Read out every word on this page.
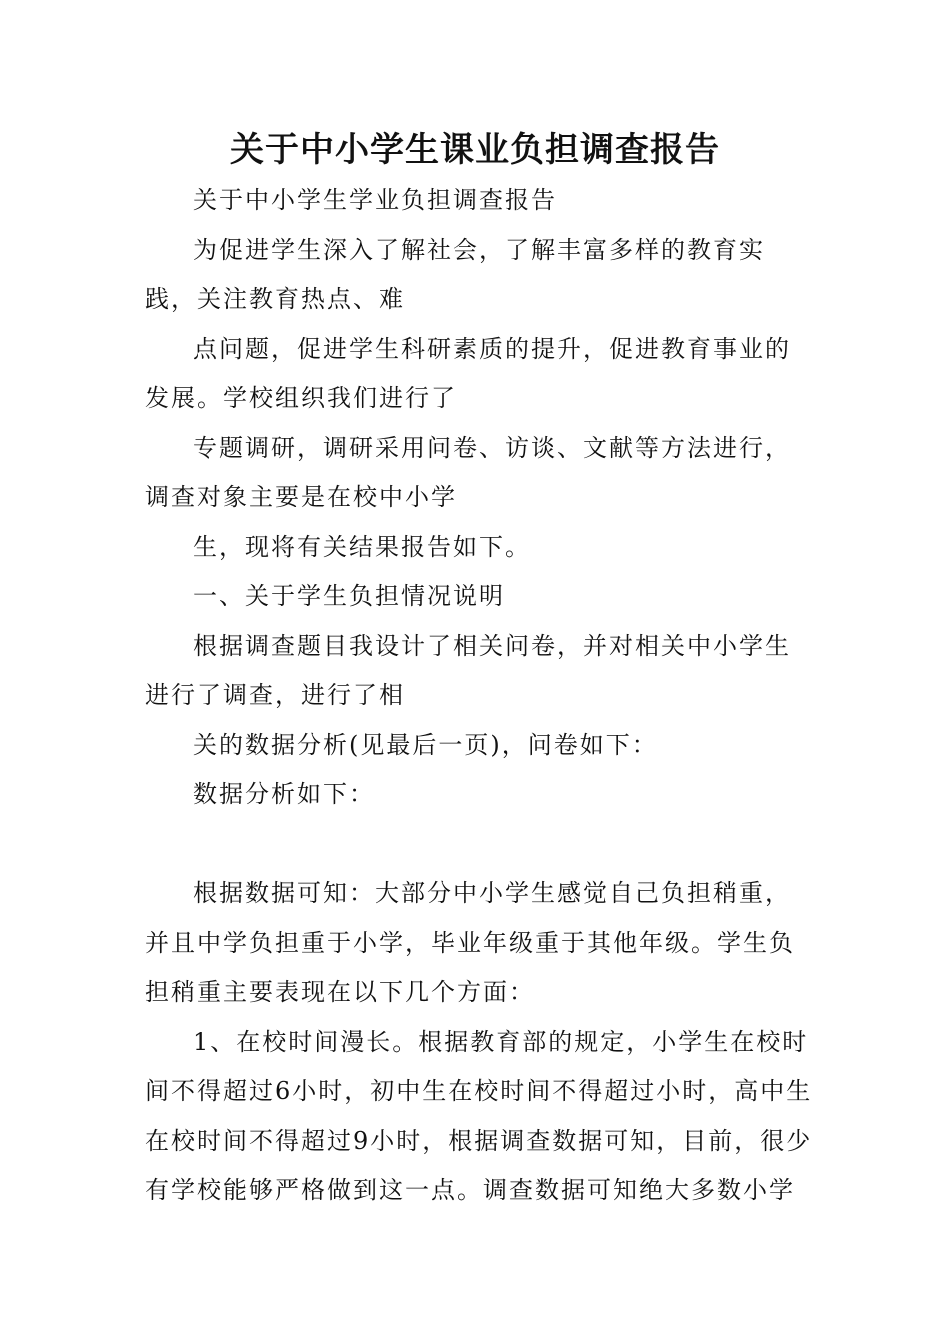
关于中小学生课业负担调查报告

关于中小学生学业负担调查报告

为促进学生深入了解社会，了解丰富多样的教育实践，关注教育热点、难

点问题，促进学生科研素质的提升，促进教育事业的发展。学校组织我们进行了

专题调研，调研采用问卷、访谈、文献等方法进行，调查对象主要是在校中小学

生，现将有关结果报告如下。

一、关于学生负担情况说明

根据调查题目我设计了相关问卷，并对相关中小学生进行了调查，进行了相

关的数据分析(见最后一页)，问卷如下：

数据分析如下：

根据数据可知：大部分中小学生感觉自己负担稍重，并且中学负担重于小学，毕业年级重于其他年级。学生负担稍重主要表现在以下几个方面：

1、在校时间漫长。根据教育部的规定，小学生在校时间不得超过6小时，初中生在校时间不得超过小时，高中生在校时间不得超过9小时，根据调查数据可知，目前，很少有学校能够严格做到这一点。调查数据可知绝大多数小学
